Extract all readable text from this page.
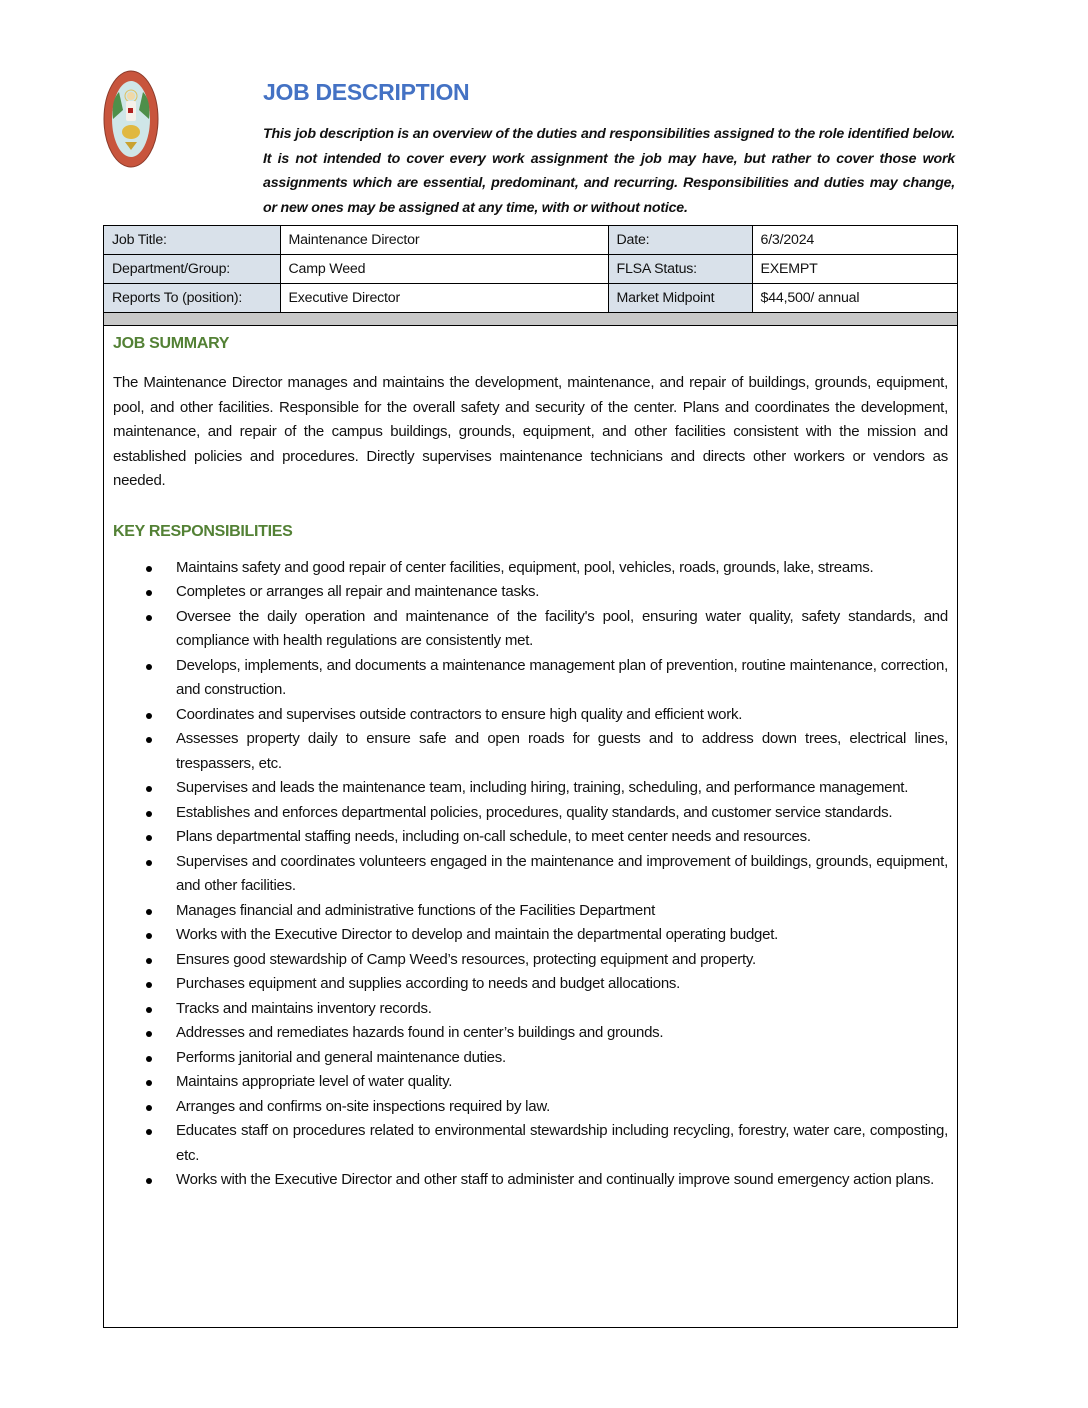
JOB DESCRIPTION

This job description is an overview of the duties and responsibilities assigned to the role identified below. It is not intended to cover every work assignment the job may have, but rather to cover those work assignments which are essential, predominant, and recurring. Responsibilities and duties may change, or new ones may be assigned at any time, with or without notice.

Job Title:	Maintenance Director	Date:	6/3/2024
Department/Group:	Camp Weed	FLSA Status:	EXEMPT
Reports To (position):	Executive Director	Market Midpoint	$44,500/ annual
JOB SUMMARY

The Maintenance Director manages and maintains the development, maintenance, and repair of buildings, grounds, equipment, pool, and other facilities. Responsible for the overall safety and security of the center. Plans and coordinates the development, maintenance, and repair of the campus buildings, grounds, equipment, and other facilities consistent with the mission and established policies and procedures. Directly supervises maintenance technicians and directs other workers or vendors as needed.

KEY RESPONSIBILITIES
Maintains safety and good repair of center facilities, equipment, pool, vehicles, roads, grounds, lake, streams.
Completes or arranges all repair and maintenance tasks.
Oversee the daily operation and maintenance of the facility's pool, ensuring water quality, safety standards, and compliance with health regulations are consistently met.
Develops, implements, and documents a maintenance management plan of prevention, routine maintenance, correction, and construction.
Coordinates and supervises outside contractors to ensure high quality and efficient work.
Assesses property daily to ensure safe and open roads for guests and to address down trees, electrical lines, trespassers, etc.
Supervises and leads the maintenance team, including hiring, training, scheduling, and performance management.
Establishes and enforces departmental policies, procedures, quality standards, and customer service standards.
Plans departmental staffing needs, including on-call schedule, to meet center needs and resources.
Supervises and coordinates volunteers engaged in the maintenance and improvement of buildings, grounds, equipment, and other facilities.
Manages financial and administrative functions of the Facilities Department
Works with the Executive Director to develop and maintain the departmental operating budget.
Ensures good stewardship of Camp Weed’s resources, protecting equipment and property.
Purchases equipment and supplies according to needs and budget allocations.
Tracks and maintains inventory records.
Addresses and remediates hazards found in center’s buildings and grounds.
Performs janitorial and general maintenance duties.
Maintains appropriate level of water quality.
Arranges and confirms on-site inspections required by law.
Educates staff on procedures related to environmental stewardship including recycling, forestry, water care, composting, etc.
Works with the Executive Director and other staff to administer and continually improve sound emergency action plans.
